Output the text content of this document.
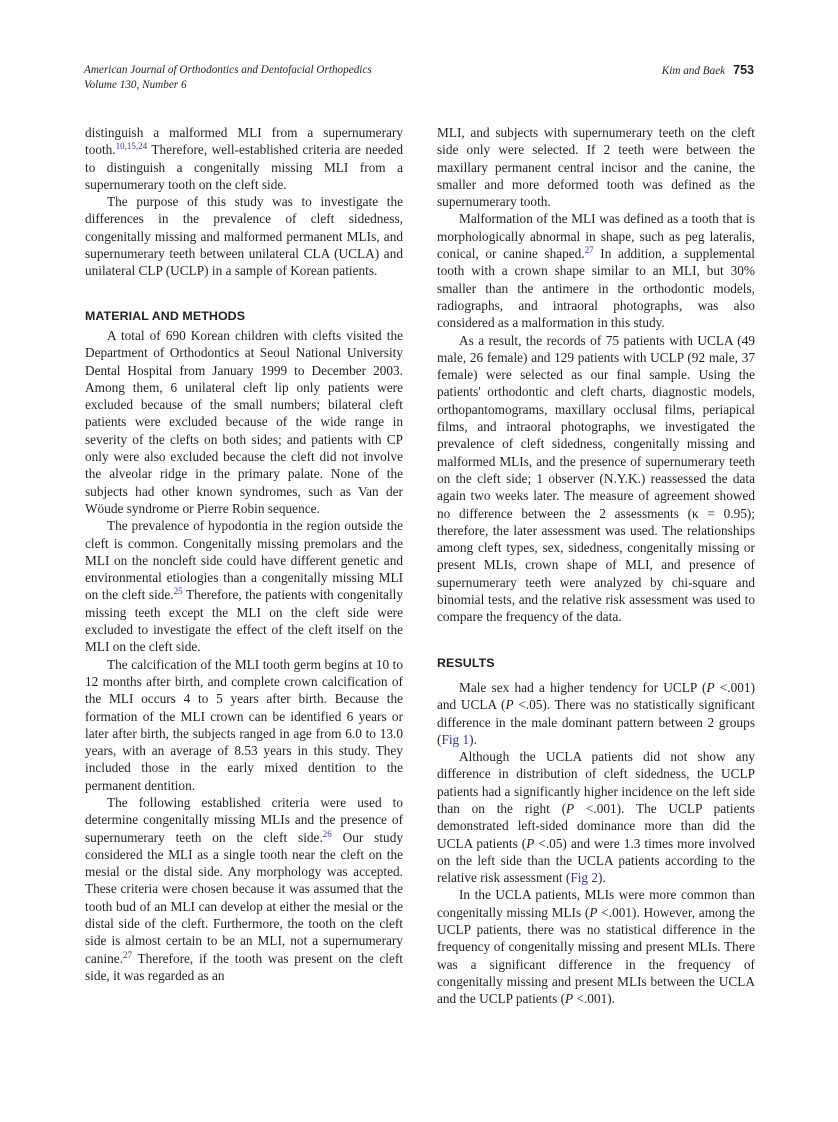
American Journal of Orthodontics and Dentofacial Orthopedics
Volume 130, Number 6
Kim and Baek 753

distinguish a malformed MLI from a supernumerary tooth.$^{10,15,24}$ Therefore, well-established criteria are needed to distinguish a congenitally missing MLI from a supernumerary tooth on the cleft side.

The purpose of this study was to investigate the differences in the prevalence of cleft sidedness, congenitally missing and malformed permanent MLIs, and supernumerary teeth between unilateral CLA (UCLA) and unilateral CLP (UCLP) in a sample of Korean patients.

MATERIAL AND METHODS

A total of 690 Korean children with clefts visited the Department of Orthodontics at Seoul National University Dental Hospital from January 1999 to December 2003. Among them, 6 unilateral cleft lip only patients were excluded because of the small numbers; bilateral cleft patients were excluded because of the wide range in severity of the clefts on both sides; and patients with CP only were also excluded because the cleft did not involve the alveolar ridge in the primary palate. None of the subjects had other known syndromes, such as Van der Wöude syndrome or Pierre Robin sequence.

The prevalence of hypodontia in the region outside the cleft is common. Congenitally missing premolars and the MLI on the noncleft side could have different genetic and environmental etiologies than a congenitally missing MLI on the cleft side.$^{25}$ Therefore, the patients with congenitally missing teeth except the MLI on the cleft side were excluded to investigate the effect of the cleft itself on the MLI on the cleft side.

The calcification of the MLI tooth germ begins at 10 to 12 months after birth, and complete crown calcification of the MLI occurs 4 to 5 years after birth. Because the formation of the MLI crown can be identified 6 years or later after birth, the subjects ranged in age from 6.0 to 13.0 years, with an average of 8.53 years in this study. They included those in the early mixed dentition to the permanent dentition.

The following established criteria were used to determine congenitally missing MLIs and the presence of supernumerary teeth on the cleft side.$^{26}$ Our study considered the MLI as a single tooth near the cleft on the mesial or the distal side. Any morphology was accepted. These criteria were chosen because it was assumed that the tooth bud of an MLI can develop at either the mesial or the distal side of the cleft. Furthermore, the tooth on the cleft side is almost certain to be an MLI, not a supernumerary canine.$^{27}$ Therefore, if the tooth was present on the cleft side, it was regarded as an

MLI, and subjects with supernumerary teeth on the cleft side only were selected. If 2 teeth were between the maxillary permanent central incisor and the canine, the smaller and more deformed tooth was defined as the supernumerary tooth.

Malformation of the MLI was defined as a tooth that is morphologically abnormal in shape, such as peg lateralis, conical, or canine shaped.$^{27}$ In addition, a supplemental tooth with a crown shape similar to an MLI, but 30% smaller than the antimere in the orthodontic models, radiographs, and intraoral photographs, was also considered as a malformation in this study.

As a result, the records of 75 patients with UCLA (49 male, 26 female) and 129 patients with UCLP (92 male, 37 female) were selected as our final sample. Using the patients' orthodontic and cleft charts, diagnostic models, orthopantomograms, maxillary occlusal films, periapical films, and intraoral photographs, we investigated the prevalence of cleft sidedness, congenitally missing and malformed MLIs, and the presence of supernumerary teeth on the cleft side; 1 observer (N.Y.K.) reassessed the data again two weeks later. The measure of agreement showed no difference between the 2 assessments (κ = 0.95); therefore, the later assessment was used. The relationships among cleft types, sex, sidedness, congenitally missing or present MLIs, crown shape of MLI, and presence of supernumerary teeth were analyzed by chi-square and binomial tests, and the relative risk assessment was used to compare the frequency of the data.

RESULTS

Male sex had a higher tendency for UCLP (P <.001) and UCLA (P <.05). There was no statistically significant difference in the male dominant pattern between 2 groups (Fig 1).

Although the UCLA patients did not show any difference in distribution of cleft sidedness, the UCLP patients had a significantly higher incidence on the left side than on the right (P <.001). The UCLP patients demonstrated left-sided dominance more than did the UCLA patients (P <.05) and were 1.3 times more involved on the left side than the UCLA patients according to the relative risk assessment (Fig 2).

In the UCLA patients, MLIs were more common than congenitally missing MLIs (P <.001). However, among the UCLP patients, there was no statistical difference in the frequency of congenitally missing and present MLIs. There was a significant difference in the frequency of congenitally missing and present MLIs between the UCLA and the UCLP patients (P <.001).
